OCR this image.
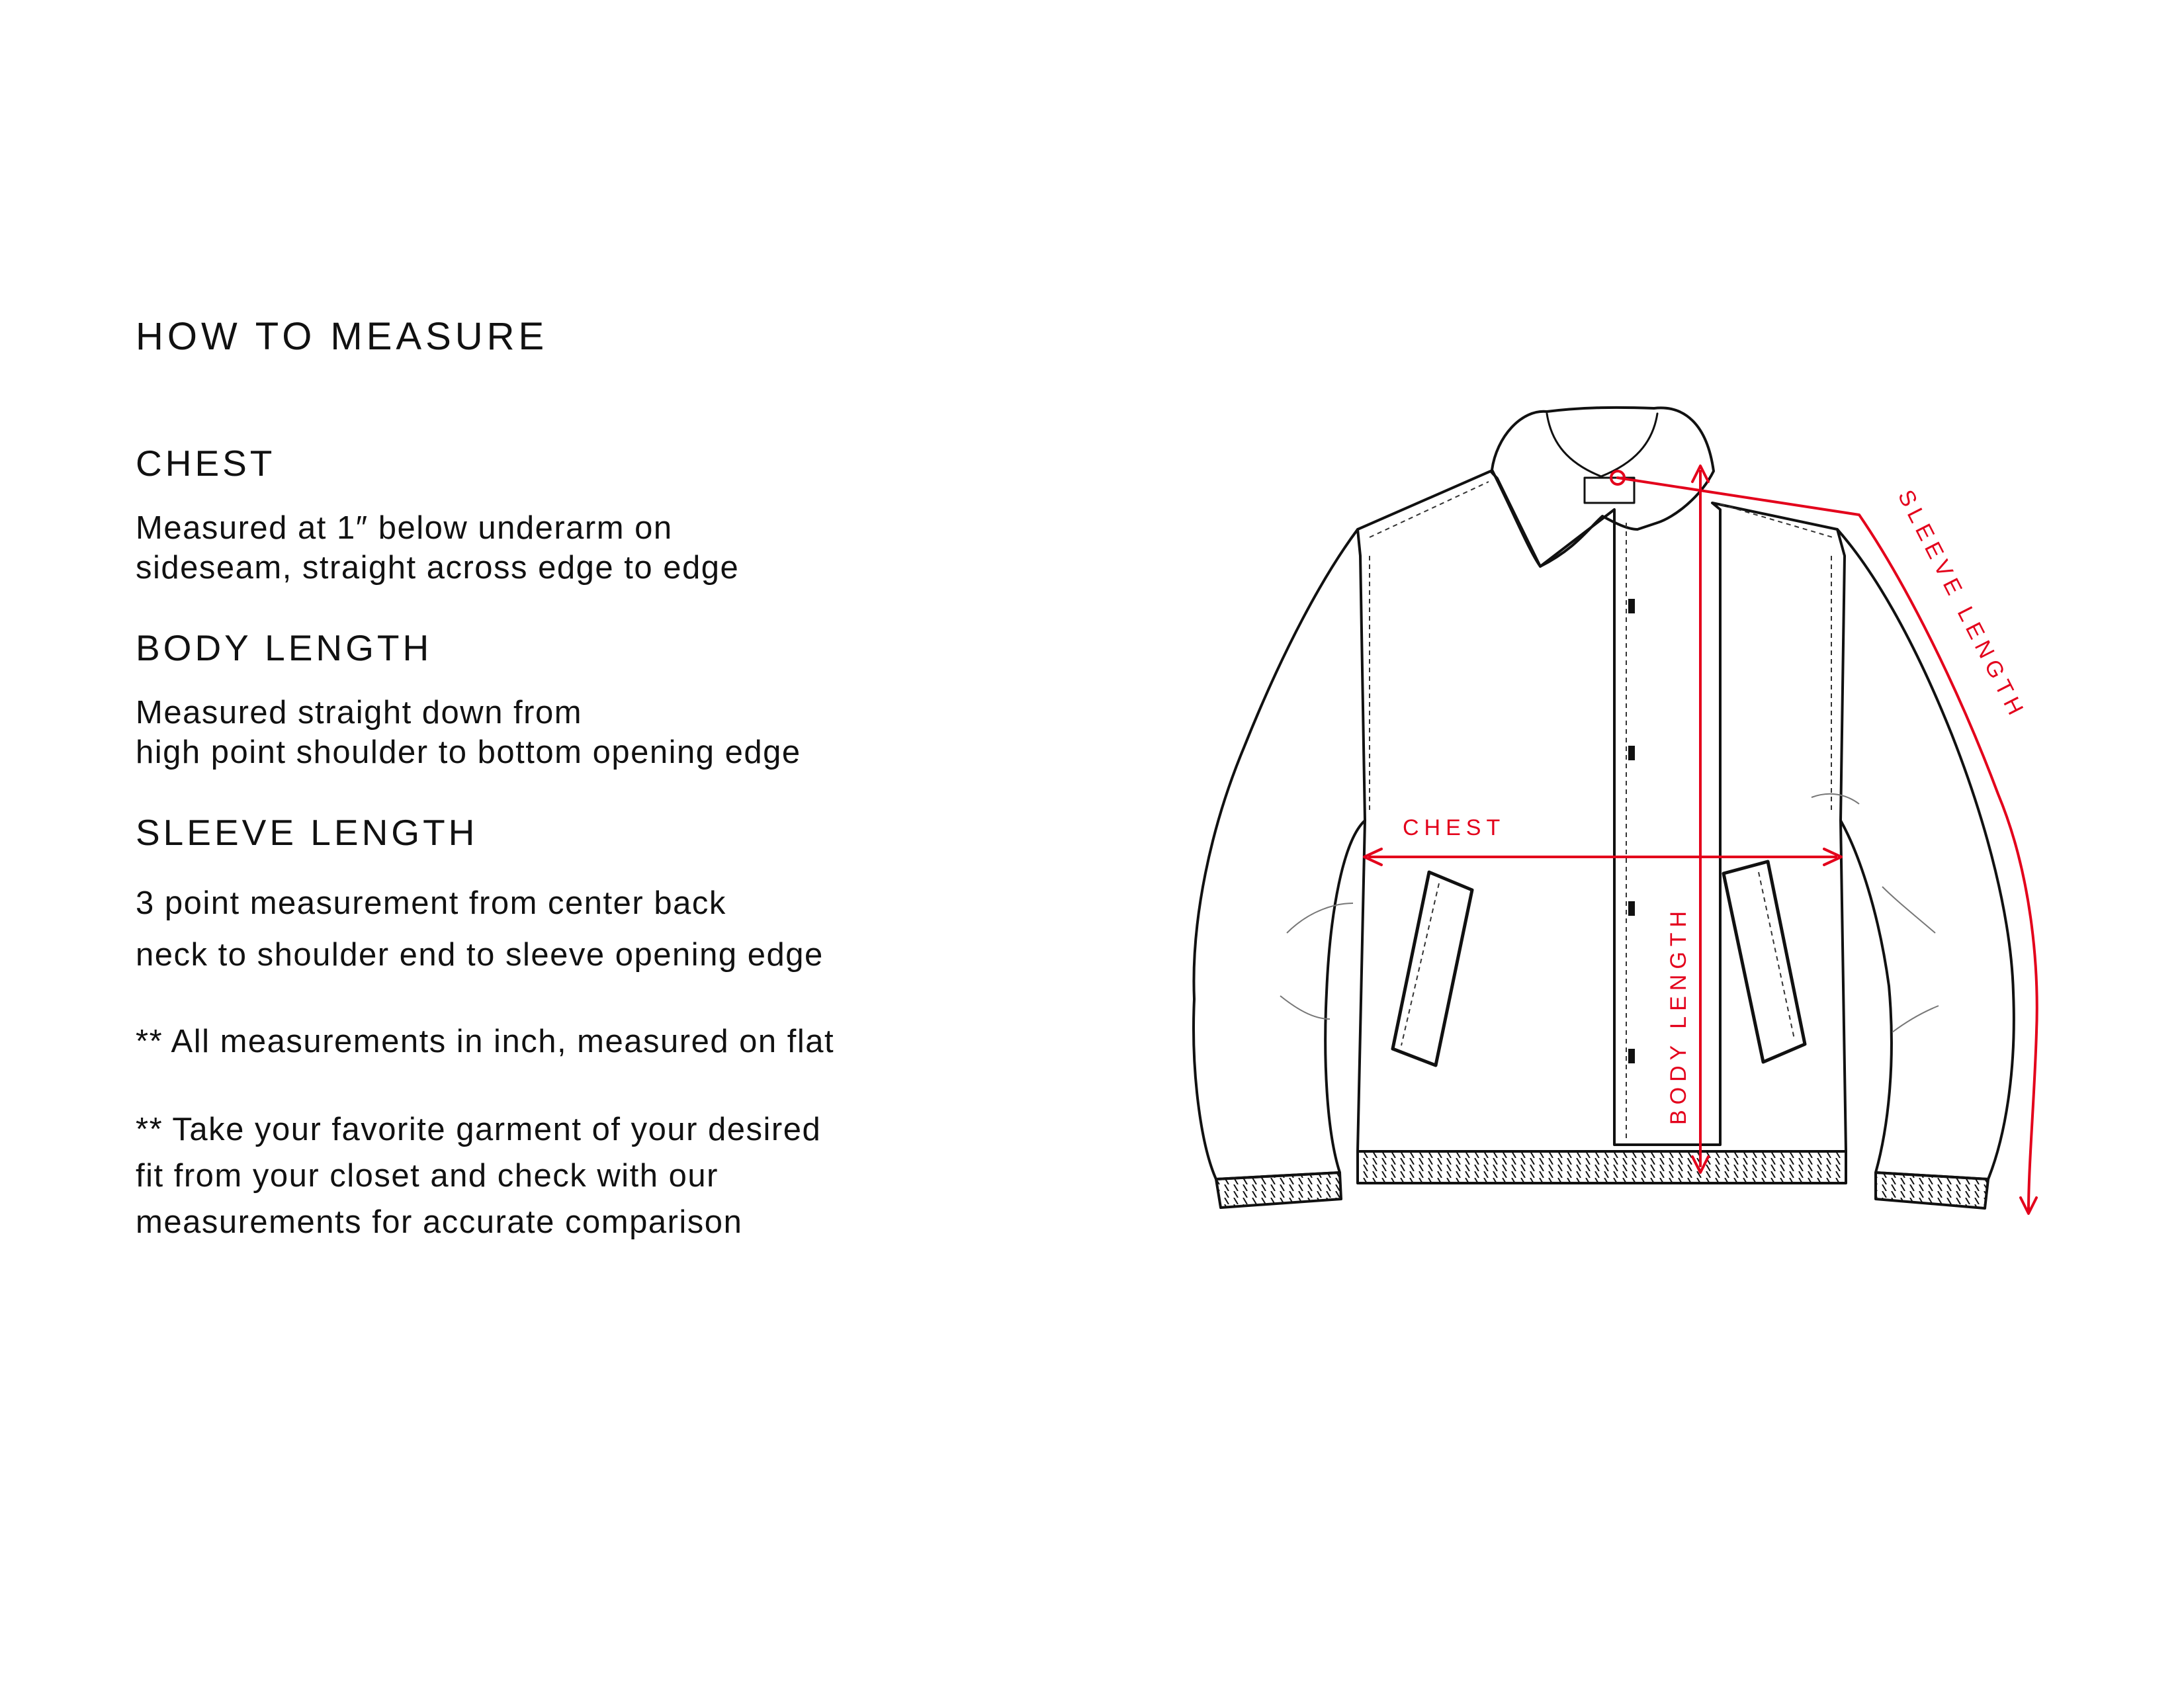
HOW TO MEASURE
CHEST
Measured at 1″ below underarm on
sideseam, straight across edge to edge
BODY LENGTH
Measured straight down from
high point shoulder to bottom opening edge
SLEEVE LENGTH
3 point measurement from center back
neck to shoulder end to sleeve opening edge
** All measurements in inch, measured on flat
** Take your favorite garment of your desired
fit from your closet and check with our
measurements for accurate comparison
CHEST
BODY LENGTH
SLEEVE LENGTH
